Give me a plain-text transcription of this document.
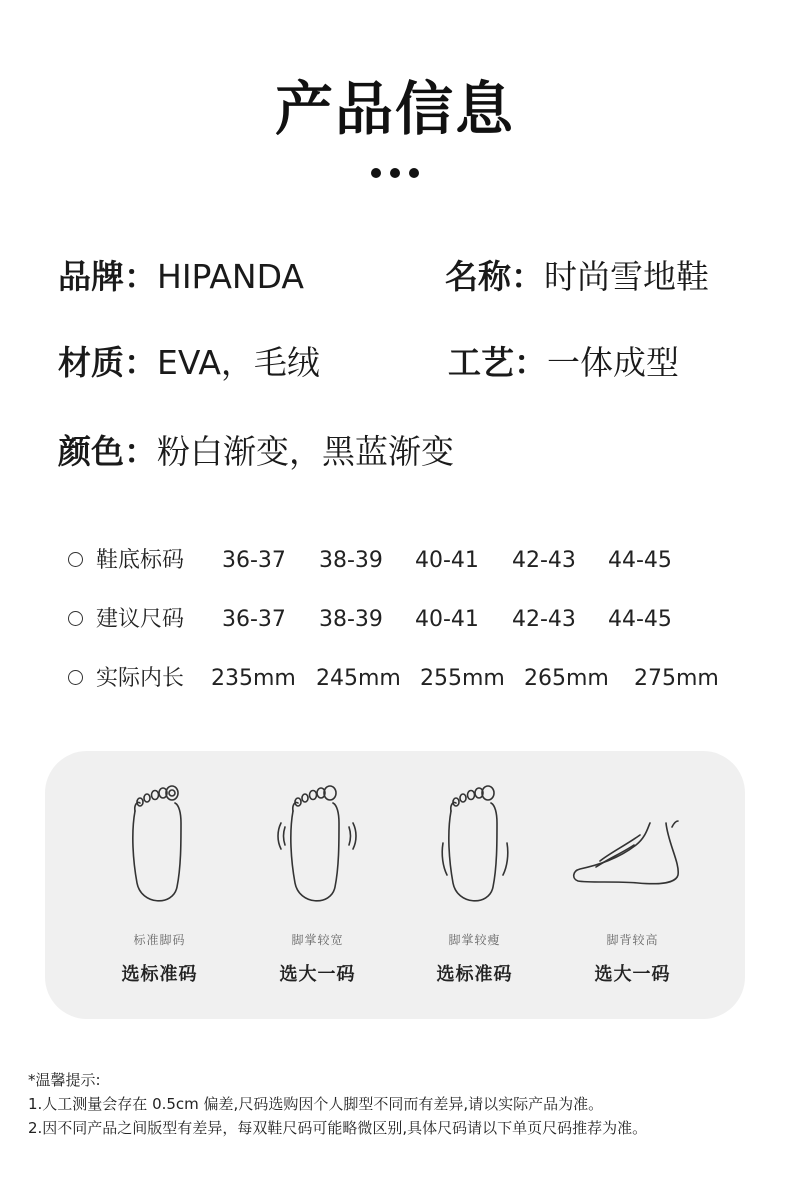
产品信息
品牌：HIPANDA	名称：时尚雪地鞋
材质：EVA，毛绒	工艺：一体成型
颜色：粉白渐变，黑蓝渐变
鞋底标码 36-37 38-39 40-41 42-43 44-45
建议尺码 36-37 38-39 40-41 42-43 44-45
实际内长 235mm 245mm 255mm 265mm 275mm
标准脚码
选标准码
脚掌较宽
选大一码
脚掌较瘦
选标准码
脚背较高
选大一码
*温馨提示:
1.人工测量会存在 0.5cm 偏差,尺码选购因个人脚型不同而有差异,请以实际产品为准。
2.因不同产品之间版型有差异，每双鞋尺码可能略微区别,具体尺码请以下单页尺码推荐为准。
